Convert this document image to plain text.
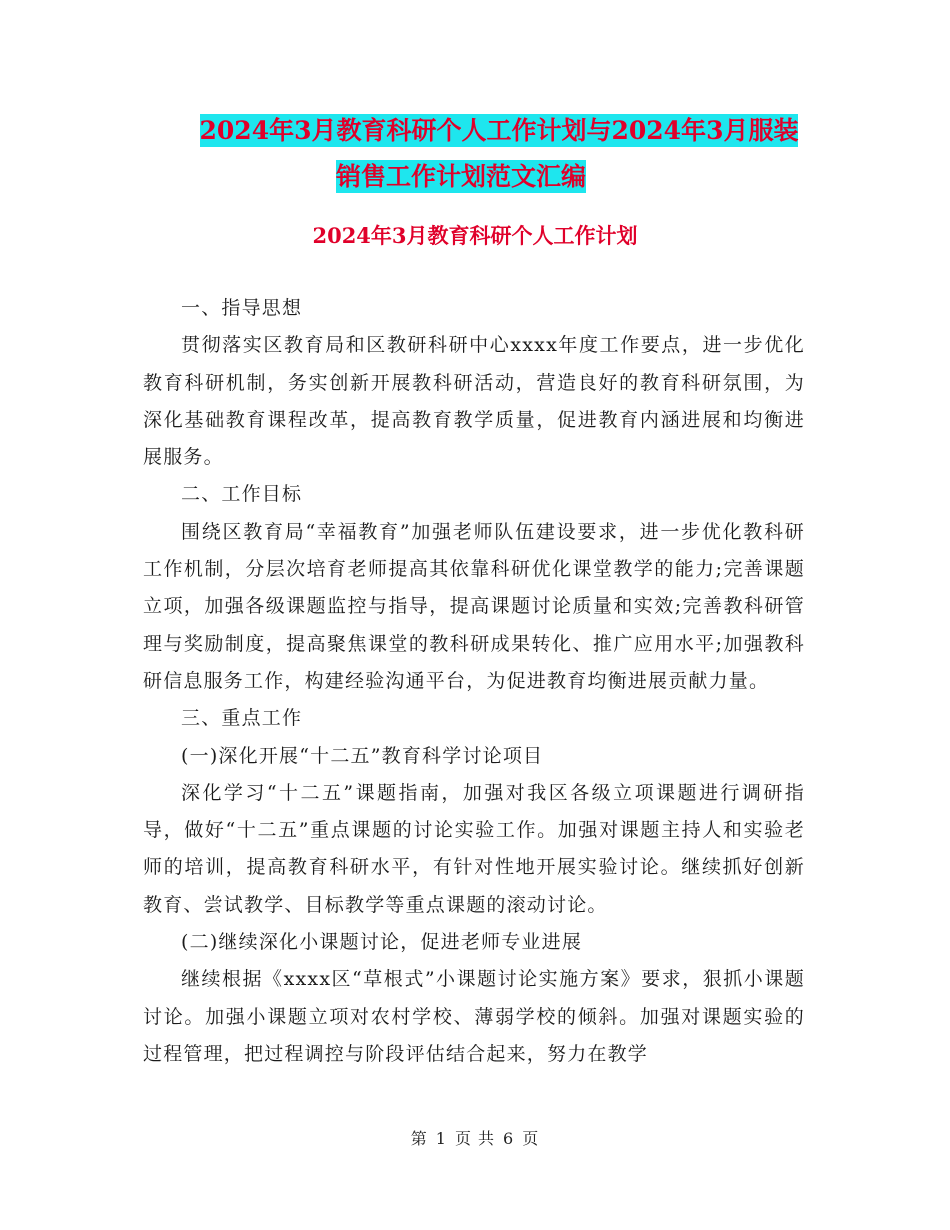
2024年3月教育科研个人工作计划与2024年3月服装
销售工作计划范文汇编
2024年3月教育科研个人工作计划

一、指导思想

贯彻落实区教育局和区教研科研中心xxxx年度工作要点，进一步优化教育科研机制，务实创新开展教科研活动，营造良好的教育科研氛围，为深化基础教育课程改革，提高教育教学质量，促进教育内涵进展和均衡进展服务。

二、工作目标

围绕区教育局“幸福教育”加强老师队伍建设要求，进一步优化教科研工作机制，分层次培育老师提高其依靠科研优化课堂教学的能力;完善课题立项，加强各级课题监控与指导，提高课题讨论质量和实效;完善教科研管理与奖励制度，提高聚焦课堂的教科研成果转化、推广应用水平;加强教科研信息服务工作，构建经验沟通平台，为促进教育均衡进展贡献力量。

三、重点工作

(一)深化开展“十二五”教育科学讨论项目

深化学习“十二五”课题指南，加强对我区各级立项课题进行调研指导，做好“十二五”重点课题的讨论实验工作。加强对课题主持人和实验老师的培训，提高教育科研水平，有针对性地开展实验讨论。继续抓好创新教育、尝试教学、目标教学等重点课题的滚动讨论。

(二)继续深化小课题讨论，促进老师专业进展

继续根据《xxxx区“草根式”小课题讨论实施方案》要求，狠抓小课题讨论。加强小课题立项对农村学校、薄弱学校的倾斜。加强对课题实验的过程管理，把过程调控与阶段评估结合起来，努力在教学

第 1 页 共 6 页
